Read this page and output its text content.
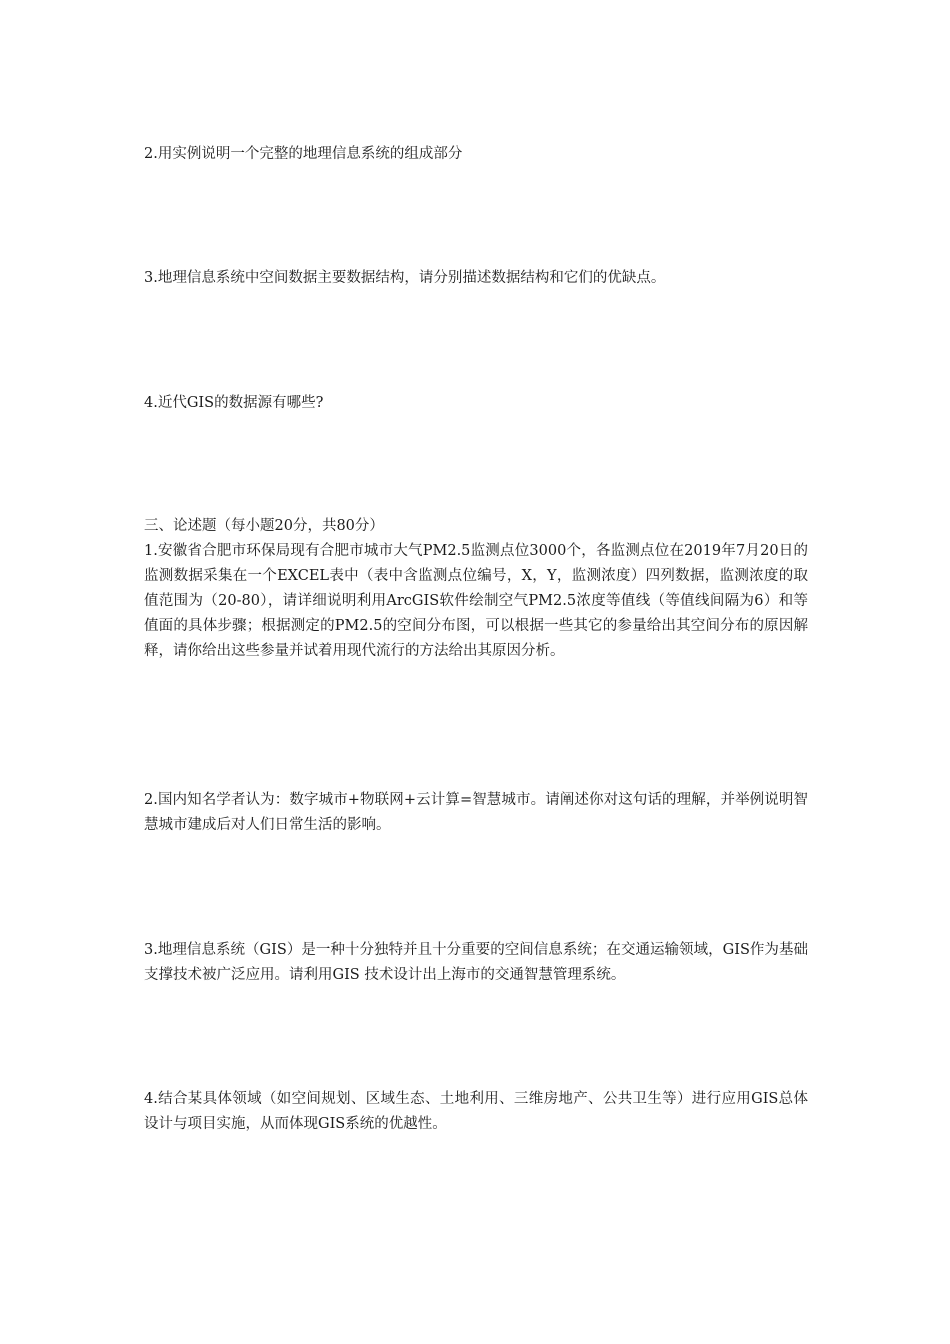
2.用实例说明一个完整的地理信息系统的组成部分

3.地理信息系统中空间数据主要数据结构，请分别描述数据结构和它们的优缺点。

4.近代GIS的数据源有哪些?

三、论述题（每小题20分，共80分）

1.安徽省合肥市环保局现有合肥市城市大气PM2.5监测点位3000个，各监测点位在2019年7月20日的监测数据采集在一个EXCEL表中（表中含监测点位编号，X，Y，监测浓度）四列数据，监测浓度的取值范围为（20-80），请详细说明利用ArcGIS软件绘制空气PM2.5浓度等值线（等值线间隔为6）和等值面的具体步骤；根据测定的PM2.5的空间分布图，可以根据一些其它的参量给出其空间分布的原因解释，请你给出这些参量并试着用现代流行的方法给出其原因分析。

2.国内知名学者认为：数字城市+物联网+云计算=智慧城市。请阐述你对这句话的理解，并举例说明智慧城市建成后对人们日常生活的影响。

3.地理信息系统（GIS）是一种十分独特并且十分重要的空间信息系统；在交通运输领域，GIS作为基础支撑技术被广泛应用。请利用GIS 技术设计出上海市的交通智慧管理系统。

4.结合某具体领域（如空间规划、区域生态、土地利用、三维房地产、公共卫生等）进行应用GIS总体设计与项目实施，从而体现GIS系统的优越性。
